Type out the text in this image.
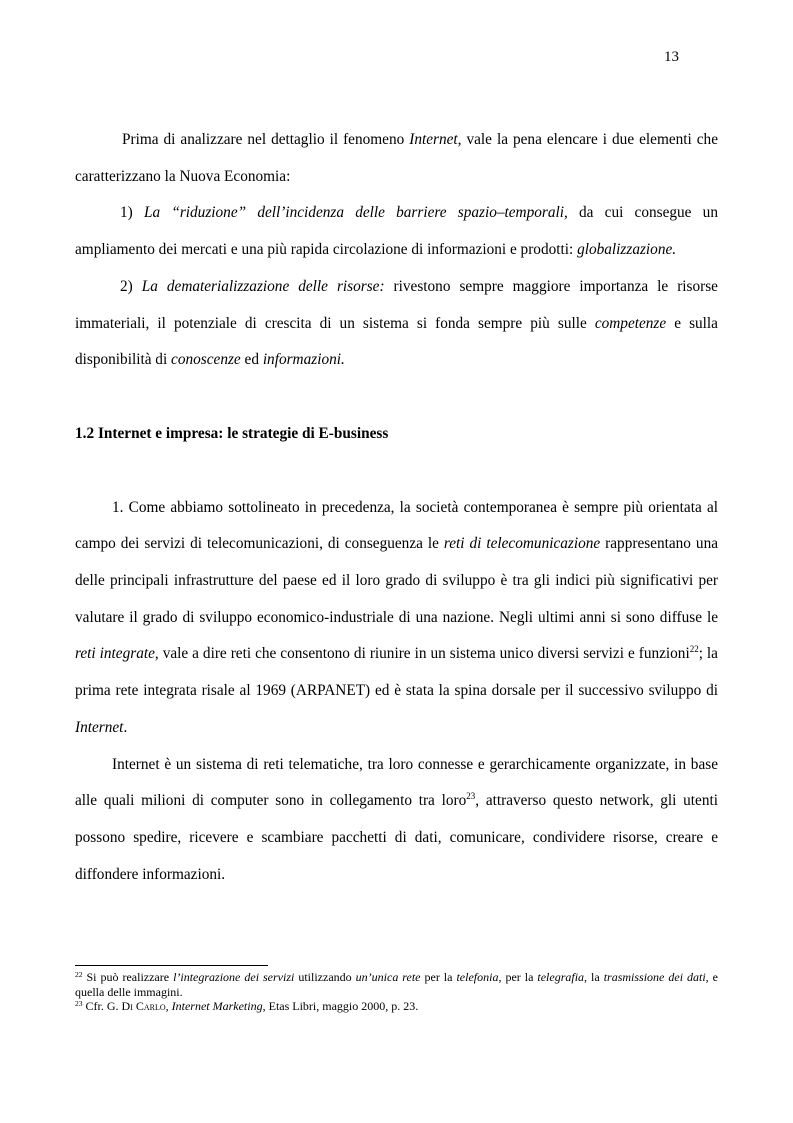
13

Prima di analizzare nel dettaglio il fenomeno Internet, vale la pena elencare i due elementi che caratterizzano la Nuova Economia:

1) La “riduzione” dell’incidenza delle barriere spazio–temporali, da cui consegue un ampliamento dei mercati e una più rapida circolazione di informazioni e prodotti: globalizzazione.

2) La dematerializzazione delle risorse: rivestono sempre maggiore importanza le risorse immateriali, il potenziale di crescita di un sistema si fonda sempre più sulle competenze e sulla disponibilità di conoscenze ed informazioni.

1.2 Internet e impresa: le strategie di E-business

1. Come abbiamo sottolineato in precedenza, la società contemporanea è sempre più orientata al campo dei servizi di telecomunicazioni, di conseguenza le reti di telecomunicazione rappresentano una delle principali infrastrutture del paese ed il loro grado di sviluppo è tra gli indici più significativi per valutare il grado di sviluppo economico-industriale di una nazione. Negli ultimi anni si sono diffuse le reti integrate, vale a dire reti che consentono di riunire in un sistema unico diversi servizi e funzioni$^{22}$; la prima rete integrata risale al 1969 (ARPANET) ed è stata la spina dorsale per il successivo sviluppo di Internet.

Internet è un sistema di reti telematiche, tra loro connesse e gerarchicamente organizzate, in base alle quali milioni di computer sono in collegamento tra loro$^{23}$, attraverso questo network, gli utenti possono spedire, ricevere e scambiare pacchetti di dati, comunicare, condividere risorse, creare e diffondere informazioni.

$^{22}$ Si può realizzare l’integrazione dei servizi utilizzando un’unica rete per la telefonia, per la telegrafia, la trasmissione dei dati, e quella delle immagini.

$^{23}$ Cfr. G. Di Carlo, Internet Marketing, Etas Libri, maggio 2000, p. 23.
